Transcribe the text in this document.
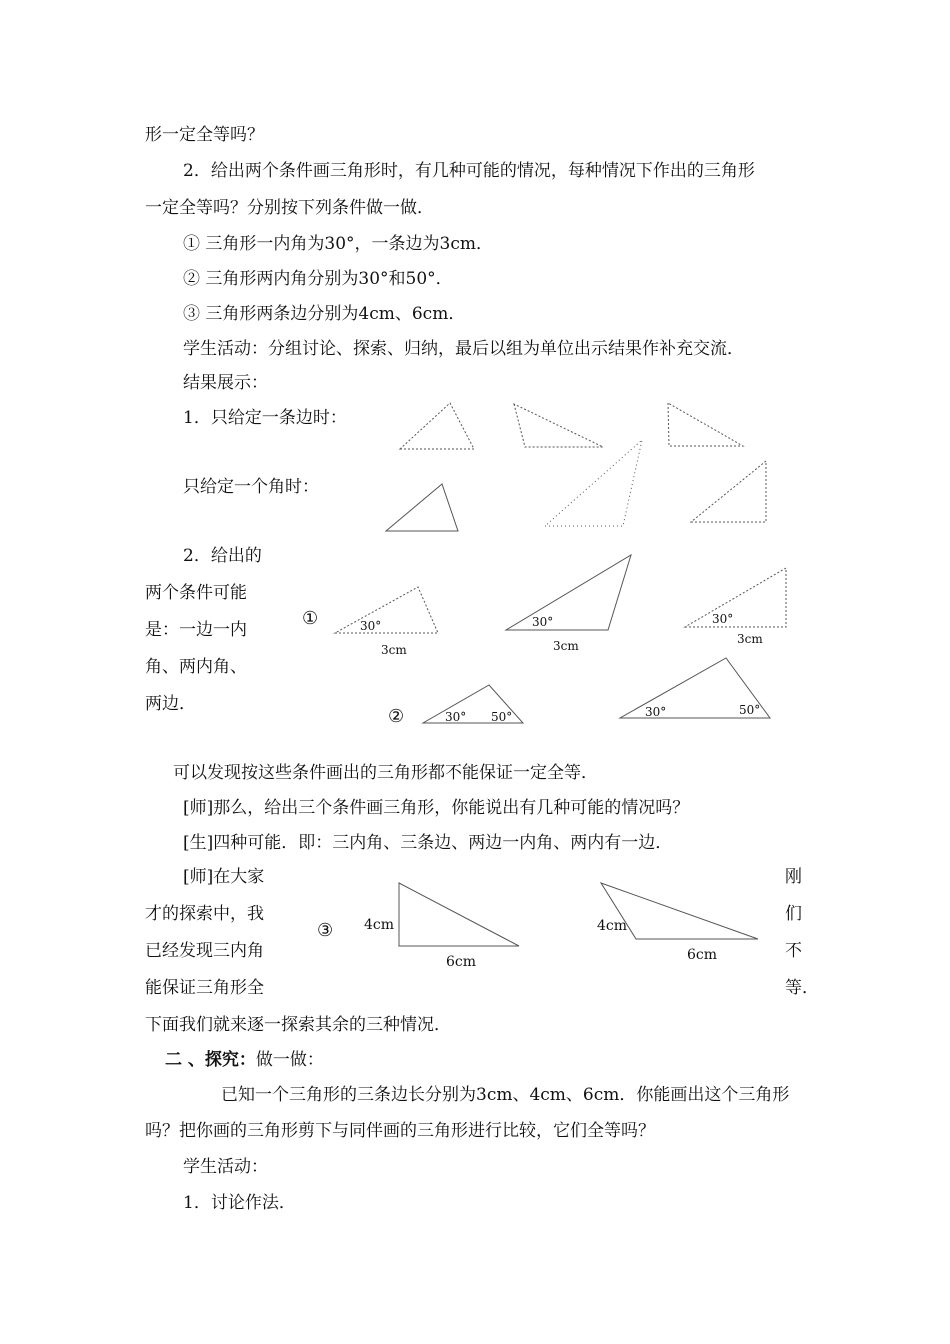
形一定全等吗？
2．给出两个条件画三角形时，有几种可能的情况，每种情况下作出的三角形
一定全等吗？分别按下列条件做一做．
① 三角形一内角为30°，一条边为3cm．
② 三角形两内角分别为30°和50°．
③ 三角形两条边分别为4cm、6cm．
学生活动：分组讨论、探索、归纳，最后以组为单位出示结果作补充交流．
结果展示：
1．只给定一条边时：
只给定一个角时：
2．给出的
两个条件可能
是：一边一内
角、两内角、
两边．
可以发现按这些条件画出的三角形都不能保证一定全等．
[师]那么，给出三个条件画三角形，你能说出有几种可能的情况吗？
[生]四种可能．即：三内角、三条边、两边一内角、两内有一边．
[师]在大家	刚
才的探索中，我	们
已经发现三内角	不
能保证三角形全	等．
下面我们就来逐一探索其余的三种情况．
二 、探究：做一做：
已知一个三角形的三条边长分别为3cm、4cm、6cm．你能画出这个三角形
吗？把你画的三角形剪下与同伴画的三角形进行比较，它们全等吗？
学生活动：
1．讨论作法．
①
②
③
30°
3cm
30°
3cm
30°
3cm
30° 50°	30°	50°
4cm
6cm
4cm
6cm
